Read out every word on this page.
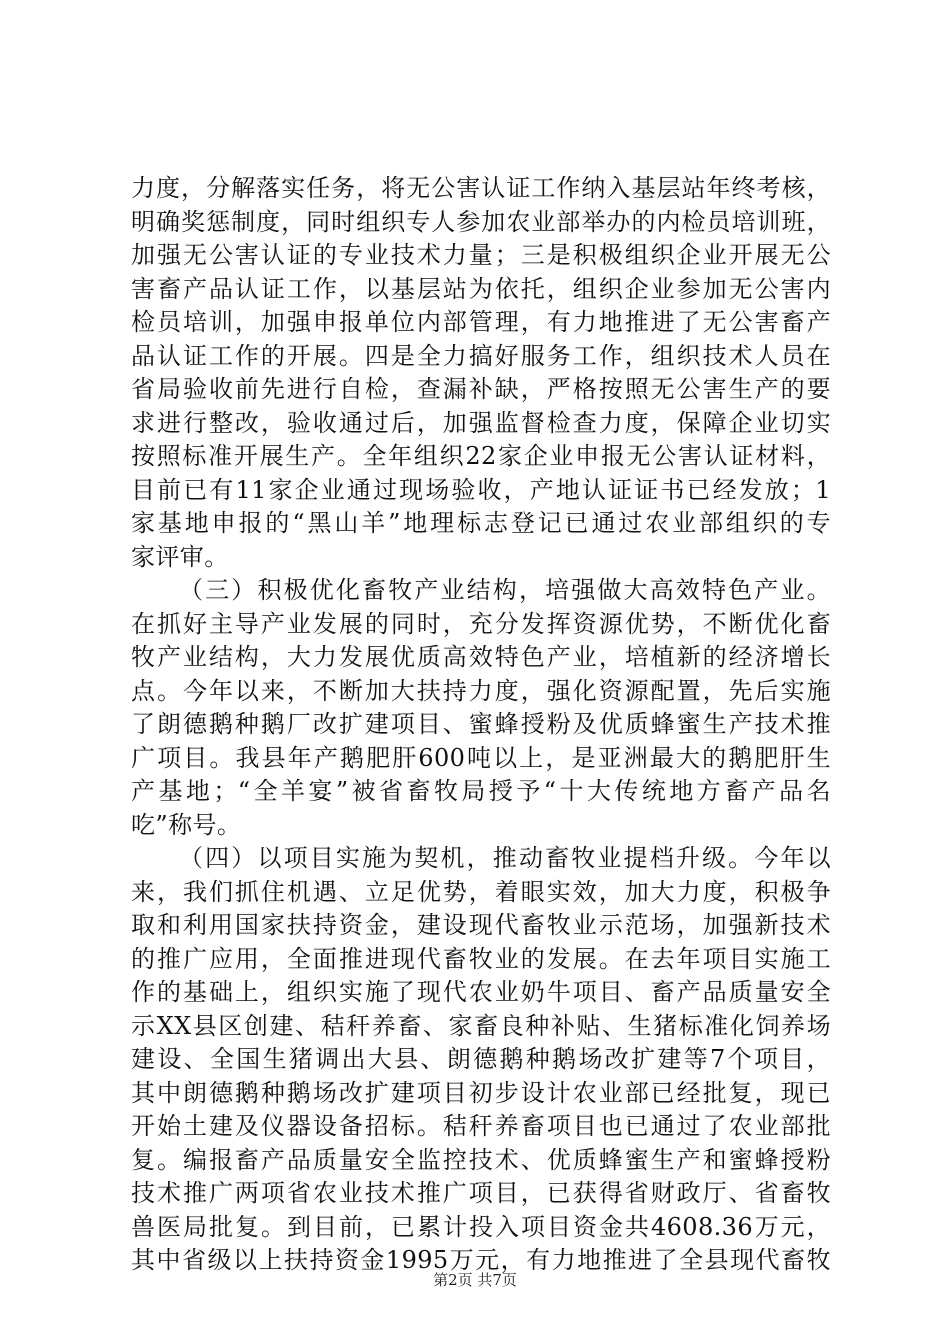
力度，分解落实任务，将无公害认证工作纳入基层站年终考核，
明确奖惩制度，同时组织专人参加农业部举办的内检员培训班，
加强无公害认证的专业技术力量；三是积极组织企业开展无公
害畜产品认证工作，以基层站为依托，组织企业参加无公害内
检员培训，加强申报单位内部管理，有力地推进了无公害畜产
品认证工作的开展。四是全力搞好服务工作，组织技术人员在
省局验收前先进行自检，查漏补缺，严格按照无公害生产的要
求进行整改，验收通过后，加强监督检查力度，保障企业切实
按照标准开展生产。全年组织22家企业申报无公害认证材料，
目前已有11家企业通过现场验收，产地认证证书已经发放；1
家基地申报的“黑山羊”地理标志登记已通过农业部组织的专
家评审。
（三）积极优化畜牧产业结构，培强做大高效特色产业。
在抓好主导产业发展的同时，充分发挥资源优势，不断优化畜
牧产业结构，大力发展优质高效特色产业，培植新的经济增长
点。今年以来，不断加大扶持力度，强化资源配置，先后实施
了朗德鹅种鹅厂改扩建项目、蜜蜂授粉及优质蜂蜜生产技术推
广项目。我县年产鹅肥肝600吨以上，是亚洲最大的鹅肥肝生
产基地；“全羊宴”被省畜牧局授予“十大传统地方畜产品名
吃”称号。
（四）以项目实施为契机，推动畜牧业提档升级。今年以
来，我们抓住机遇、立足优势，着眼实效，加大力度，积极争
取和利用国家扶持资金，建设现代畜牧业示范场，加强新技术
的推广应用，全面推进现代畜牧业的发展。在去年项目实施工
作的基础上，组织实施了现代农业奶牛项目、畜产品质量安全
示XX县区创建、秸秆养畜、家畜良种补贴、生猪标准化饲养场
建设、全国生猪调出大县、朗德鹅种鹅场改扩建等7个项目，
其中朗德鹅种鹅场改扩建项目初步设计农业部已经批复，现已
开始土建及仪器设备招标。秸秆养畜项目也已通过了农业部批
复。编报畜产品质量安全监控技术、优质蜂蜜生产和蜜蜂授粉
技术推广两项省农业技术推广项目，已获得省财政厅、省畜牧
兽医局批复。到目前，已累计投入项目资金共4608.36万元，
其中省级以上扶持资金1995万元，有力地推进了全县现代畜牧
第2页 共7页
